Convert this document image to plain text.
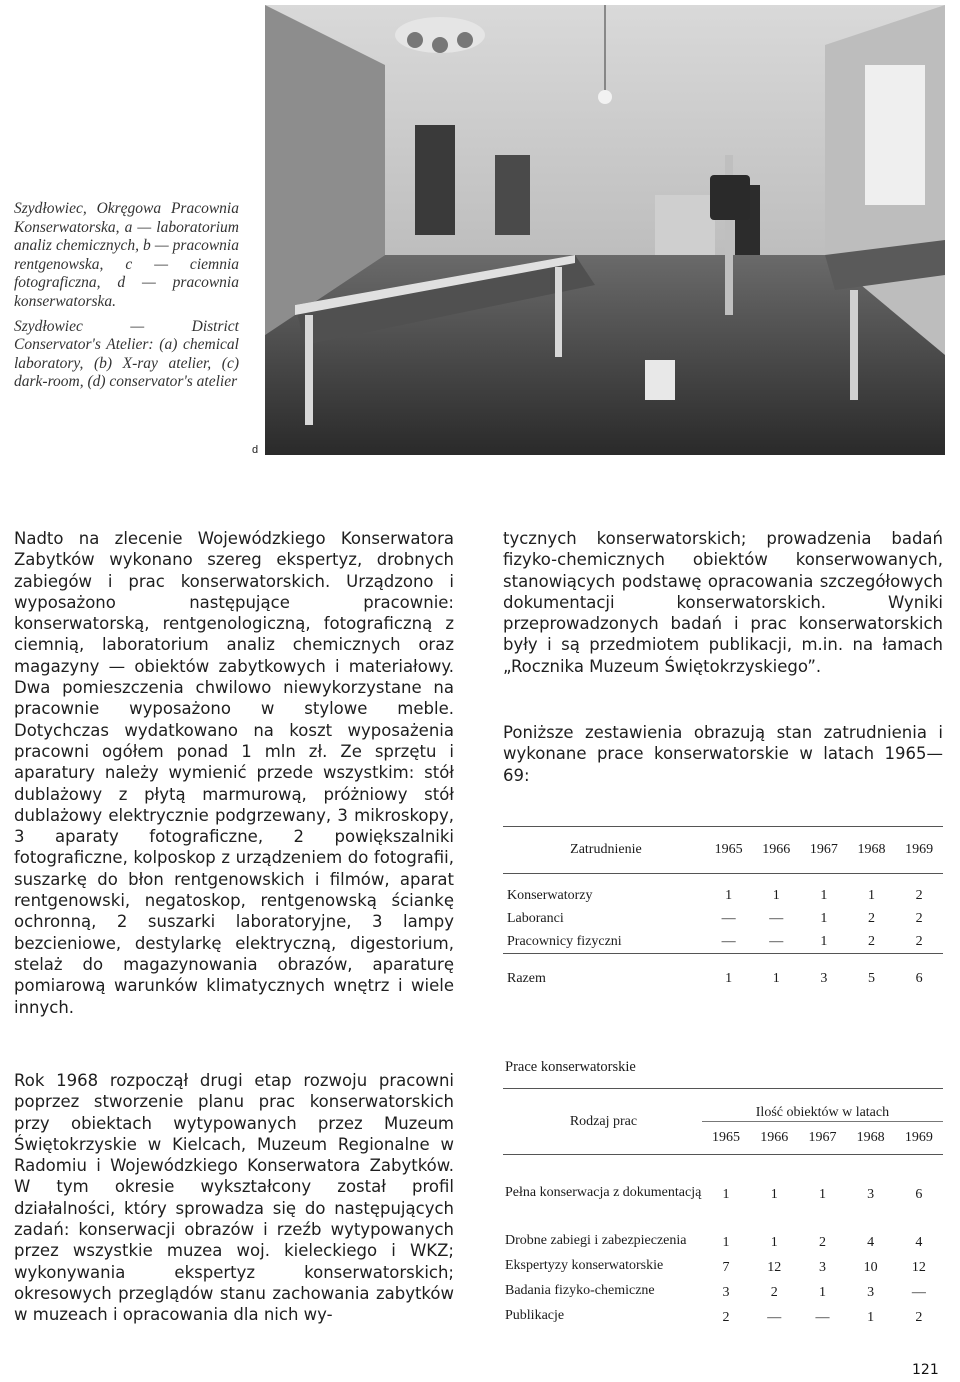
Szydłowiec, Okręgowa Pracownia Konserwatorska, a — laboratorium analiz chemicznych, b — pracownia rentgenowska, c — ciemnia fotograficzna, d — pracownia konserwatorska.

Szydłowiec — District Conservator's Atelier: (a) chemical laboratory, (b) X-ray atelier, (c) dark-room, (d) conservator's atelier

d

Nadto na zlecenie Wojewódzkiego Konserwatora Zabytków wykonano szereg ekspertyz, drobnych zabiegów i prac konserwatorskich. Urządzono i wyposażono następujące pracownie: konserwatorską, rentgenologiczną, fotograficzną z ciemnią, laboratorium analiz chemicznych oraz magazyny — obiektów zabytkowych i materiałowy. Dwa pomieszczenia chwilowo niewykorzystane na pracownie wyposażono w stylowe meble. Dotychczas wydatkowano na koszt wyposażenia pracowni ogółem ponad 1 mln zł. Ze sprzętu i aparatury należy wymienić przede wszystkim: stół dublażowy z płytą marmurową, próżniowy stół dublażowy elektrycznie podgrzewany, 3 mikroskopy, 3 aparaty fotograficzne, 2 powiększalniki fotograficzne, kolposkop z urządzeniem do fotografii, suszarkę do błon rentgenowskich i filmów, aparat rentgenowski, negatoskop, rentgenowską ściankę ochronną, 2 suszarki laboratoryjne, 3 lampy bezcieniowe, destylarkę elektryczną, digestorium, stelaż do magazynowania obrazów, aparaturę pomiarową warunków klimatycznych wnętrz i wiele innych.

Rok 1968 rozpoczął drugi etap rozwoju pracowni poprzez stworzenie planu prac konserwatorskich przy obiektach wytypowanych przez Muzeum Świętokrzyskie w Kielcach, Muzeum Regionalne w Radomiu i Wojewódzkiego Konserwatora Zabytków. W tym okresie wykształcony został profil działalności, który sprowadza się do następujących zadań: konserwacji obrazów i rzeźb wytypowanych przez wszystkie muzea woj. kieleckiego i WKZ; wykonywania ekspertyz konserwatorskich; okresowych przeglądów stanu zachowania zabytków w muzeach i opracowania dla nich wy-

tycznych konserwatorskich; prowadzenia badań fizyko-chemicznych obiektów konserwowanych, stanowiących podstawę opracowania szczegółowych dokumentacji konserwatorskich. Wyniki przeprowadzonych badań i prac konserwatorskich były i są przedmiotem publikacji, m.in. na łamach „Rocznika Muzeum Świętokrzyskiego”.

Poniższe zestawienia obrazują stan zatrudnienia i wykonane prace konserwatorskie w latach 1965—69:

Zatrudnienie	1965	1966	1967	1968	1969

Konserwatorzy	1	1	1	1	2
Laboranci	—	—	1	2	2
Pracownicy fizyczni	—	—	1	2	2
Razem	1	1	3	5	6
Prace konserwatorskie
Rodzaj prac	Ilość obiektów w latach				
	1965	1966	1967	1968	1969
Pełna konserwacja z dokumentacją	1	1	1	3	6
Drobne zabiegi i zabezpieczenia	1	1	2	4	4
Ekspertyzy konserwatorskie	7	12	3	10	12
Badania fizyko-chemiczne	3	2	1	3	—
Publikacje	2	—	—	1	2
121
